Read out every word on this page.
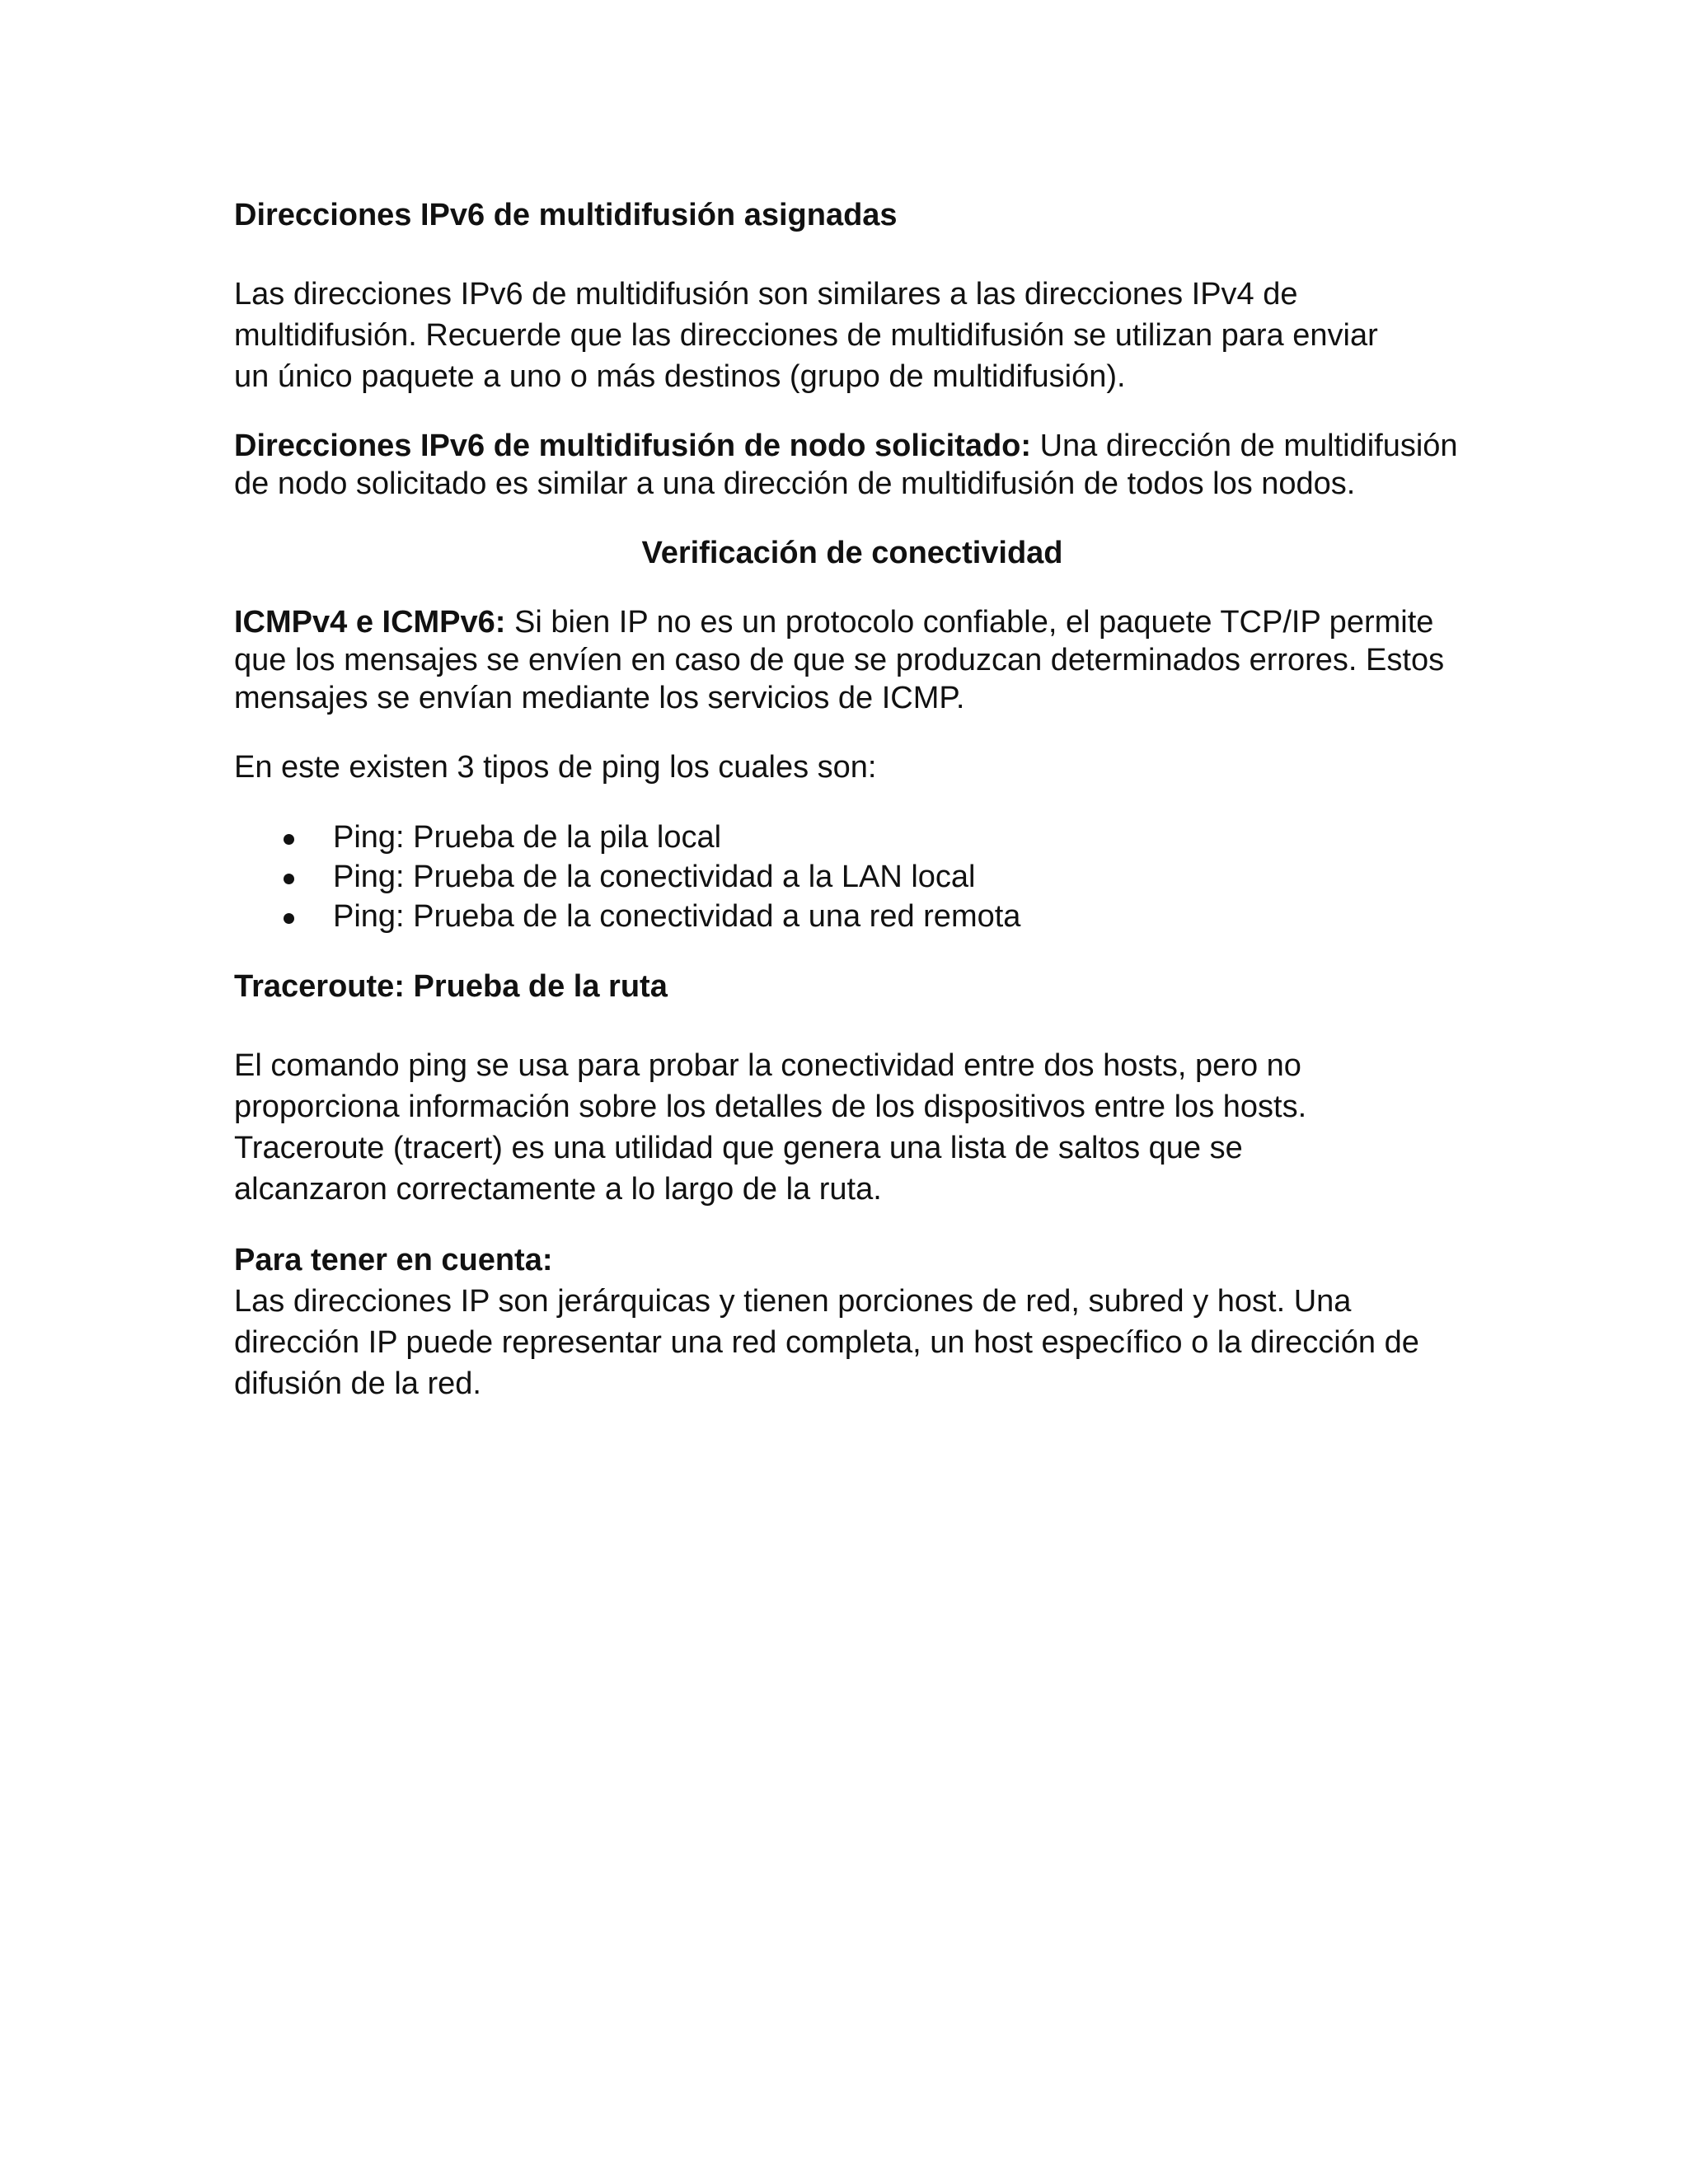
Direcciones IPv6 de multidifusión asignadas

Las direcciones IPv6 de multidifusión son similares a las direcciones IPv4 de
multidifusión. Recuerde que las direcciones de multidifusión se utilizan para enviar
un único paquete a uno o más destinos (grupo de multidifusión).

Direcciones IPv6 de multidifusión de nodo solicitado: Una dirección de multidifusión de nodo solicitado es similar a una dirección de multidifusión de todos los nodos.

Verificación de conectividad

ICMPv4 e ICMPv6: Si bien IP no es un protocolo confiable, el paquete TCP/IP permite que los mensajes se envíen en caso de que se produzcan determinados errores. Estos mensajes se envían mediante los servicios de ICMP.

En este existen 3 tipos de ping los cuales son:

Ping: Prueba de la pila local
Ping: Prueba de la conectividad a la LAN local
Ping: Prueba de la conectividad a una red remota

Traceroute: Prueba de la ruta

El comando ping se usa para probar la conectividad entre dos hosts, pero no
proporciona información sobre los detalles de los dispositivos entre los hosts.
Traceroute (tracert) es una utilidad que genera una lista de saltos que se
alcanzaron correctamente a lo largo de la ruta.
Para tener en cuenta:
Las direcciones IP son jerárquicas y tienen porciones de red, subred y host. Una dirección IP puede representar una red completa, un host específico o la dirección de difusión de la red.
